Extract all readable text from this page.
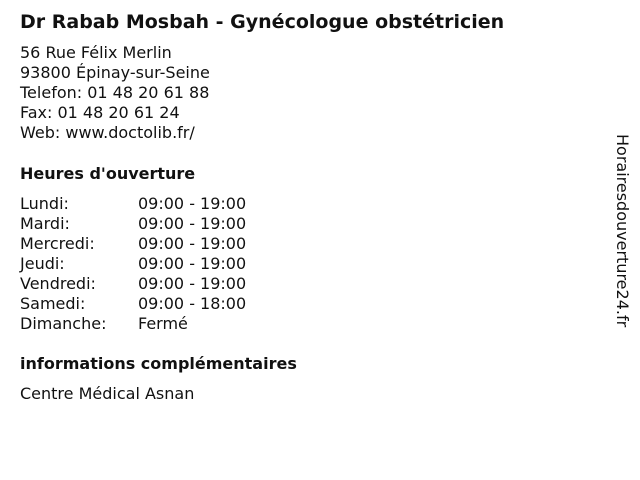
Dr Rabab Mosbah - Gynécologue obstétricien
56 Rue Félix Merlin
93800 Épinay-sur-Seine
Telefon: 01 48 20 61 88
Fax: 01 48 20 61 24
Web: www.doctolib.fr/
Heures d'ouverture
Lundi:	09:00 - 19:00
Mardi:	09:00 - 19:00
Mercredi:	09:00 - 19:00
Jeudi:	09:00 - 19:00
Vendredi:	09:00 - 19:00
Samedi:	09:00 - 18:00
Dimanche: Fermé
informations complémentaires
Centre Médical Asnan
Horairesdouverture24.fr
